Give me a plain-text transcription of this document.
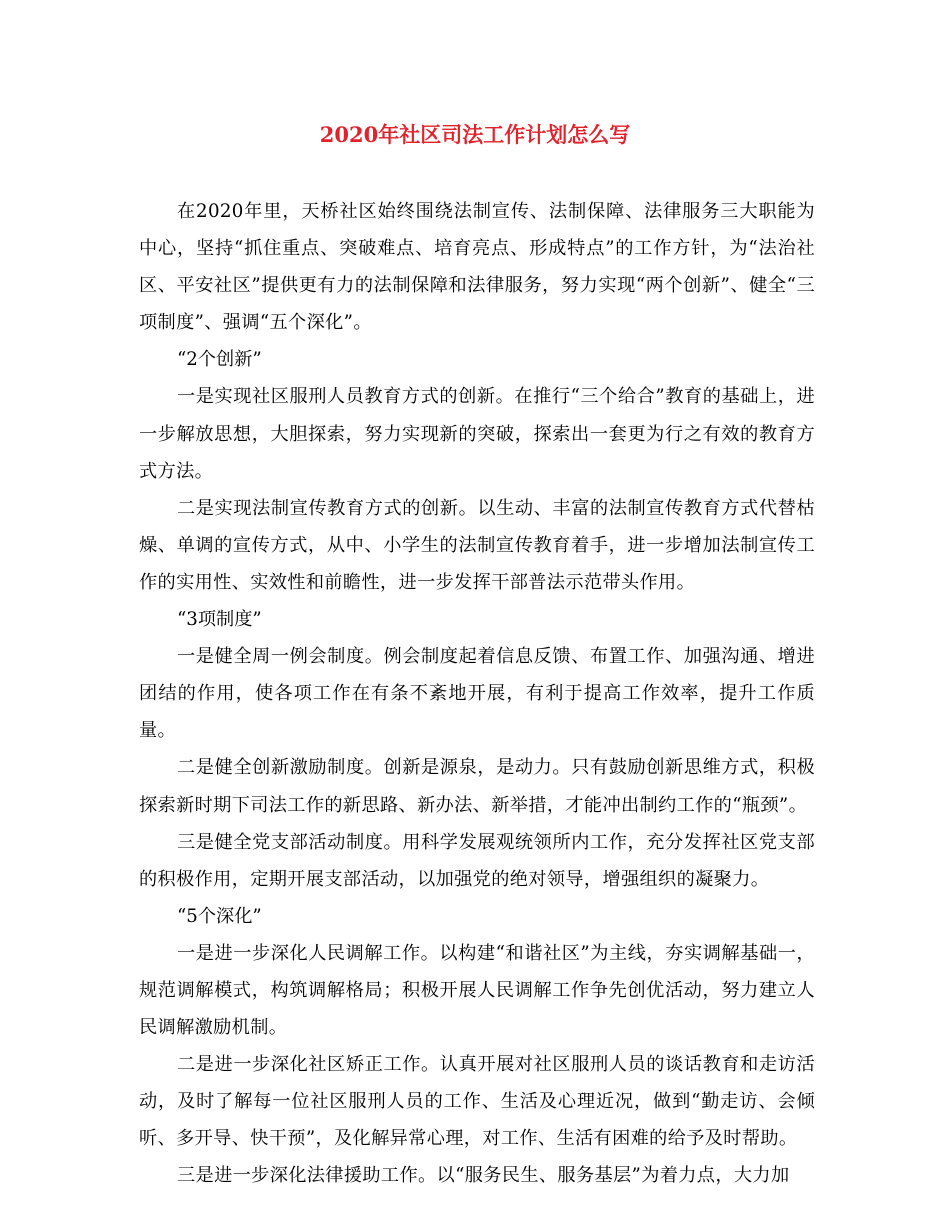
2020年社区司法工作计划怎么写

在2020年里，天桥社区始终围绕法制宣传、法制保障、法律服务三大职能为中心，坚持“抓住重点、突破难点、培育亮点、形成特点”的工作方针，为“法治社区、平安社区”提供更有力的法制保障和法律服务，努力实现“两个创新”、健全“三项制度”、强调“五个深化”。

“2个创新”

一是实现社区服刑人员教育方式的创新。在推行“三个给合”教育的基础上，进一步解放思想，大胆探索，努力实现新的突破，探索出一套更为行之有效的教育方式方法。

二是实现法制宣传教育方式的创新。以生动、丰富的法制宣传教育方式代替枯燥、单调的宣传方式，从中、小学生的法制宣传教育着手，进一步增加法制宣传工作的实用性、实效性和前瞻性，进一步发挥干部普法示范带头作用。

“3项制度”

一是健全周一例会制度。例会制度起着信息反馈、布置工作、加强沟通、增进团结的作用，使各项工作在有条不紊地开展，有利于提高工作效率，提升工作质量。

二是健全创新激励制度。创新是源泉，是动力。只有鼓励创新思维方式，积极探索新时期下司法工作的新思路、新办法、新举措，才能冲出制约工作的“瓶颈”。

三是健全党支部活动制度。用科学发展观统领所内工作，充分发挥社区党支部的积极作用，定期开展支部活动，以加强党的绝对领导，增强组织的凝聚力。

“5个深化”

一是进一步深化人民调解工作。以构建“和谐社区”为主线，夯实调解基础一，规范调解模式，构筑调解格局；积极开展人民调解工作争先创优活动，努力建立人民调解激励机制。

二是进一步深化社区矫正工作。认真开展对社区服刑人员的谈话教育和走访活动，及时了解每一位社区服刑人员的工作、生活及心理近况，做到“勤走访、会倾听、多开导、快干预”，及化解异常心理，对工作、生活有困难的给予及时帮助。

三是进一步深化法律援助工作。以“服务民生、服务基层”为着力点，大力加
